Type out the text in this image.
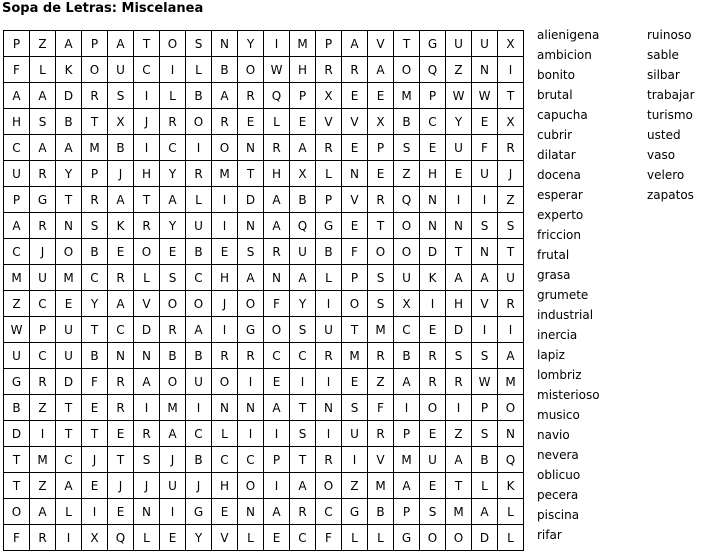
Sopa de Letras: Miscelanea
P	Z	A	P	A	T	O	S	N	Y	I	M	P	A	V	T	G	U	U	X
F	L	K	O	U	C	I	L	B	O	W	H	R	R	A	O	Q	Z	N	I
A	A	D	R	S	I	L	B	A	R	Q	P	X	E	E	M	P	W	W	T
H	S	B	T	X	J	R	O	R	E	L	E	V	V	X	B	C	Y	E	X
C	A	A	M	B	I	C	I	O	N	R	A	R	E	P	S	E	U	F	R
U	R	Y	P	J	H	Y	R	M	T	H	X	L	N	E	Z	H	E	U	J
P	G	T	R	A	T	A	L	I	D	A	B	P	V	R	Q	N	I	I	Z
A	R	N	S	K	R	Y	U	I	N	A	Q	G	E	T	O	N	N	S	S
C	J	O	B	E	O	E	B	E	S	R	U	B	F	O	O	D	T	N	T
M	U	M	C	R	L	S	C	H	A	N	A	L	P	S	U	K	A	A	U
Z	C	E	Y	A	V	O	O	J	O	F	Y	I	O	S	X	I	H	V	R
W	P	U	T	C	D	R	A	I	G	O	S	U	T	M	C	E	D	I	I
U	C	U	B	N	N	B	B	R	R	C	C	R	M	R	B	R	S	S	A
G	R	D	F	R	A	O	U	O	I	E	I	I	E	Z	A	R	R	W	M
B	Z	T	E	R	I	M	I	N	N	A	T	N	S	F	I	O	I	P	O
D	I	T	T	E	R	A	C	L	I	I	S	I	U	R	P	E	Z	S	N
T	M	C	J	T	S	J	B	C	C	P	T	R	I	V	M	U	A	B	Q
T	Z	A	E	J	J	U	J	H	O	I	A	O	Z	M	A	E	T	L	K
O	A	L	I	E	N	I	G	E	N	A	R	C	G	B	P	S	M	A	L
F	R	I	X	Q	L	E	Y	V	L	E	C	F	L	L	G	O	O	D	L
alienigena
ambicion
bonito
brutal
capucha
cubrir
dilatar
docena
esperar
experto
friccion
frutal
grasa
grumete
industrial
inercia
lapiz
lombriz
misterioso
musico
navio
nevera
oblicuo
pecera
piscina
rifar
ruinoso
sable
silbar
trabajar
turismo
usted
vaso
velero
zapatos
